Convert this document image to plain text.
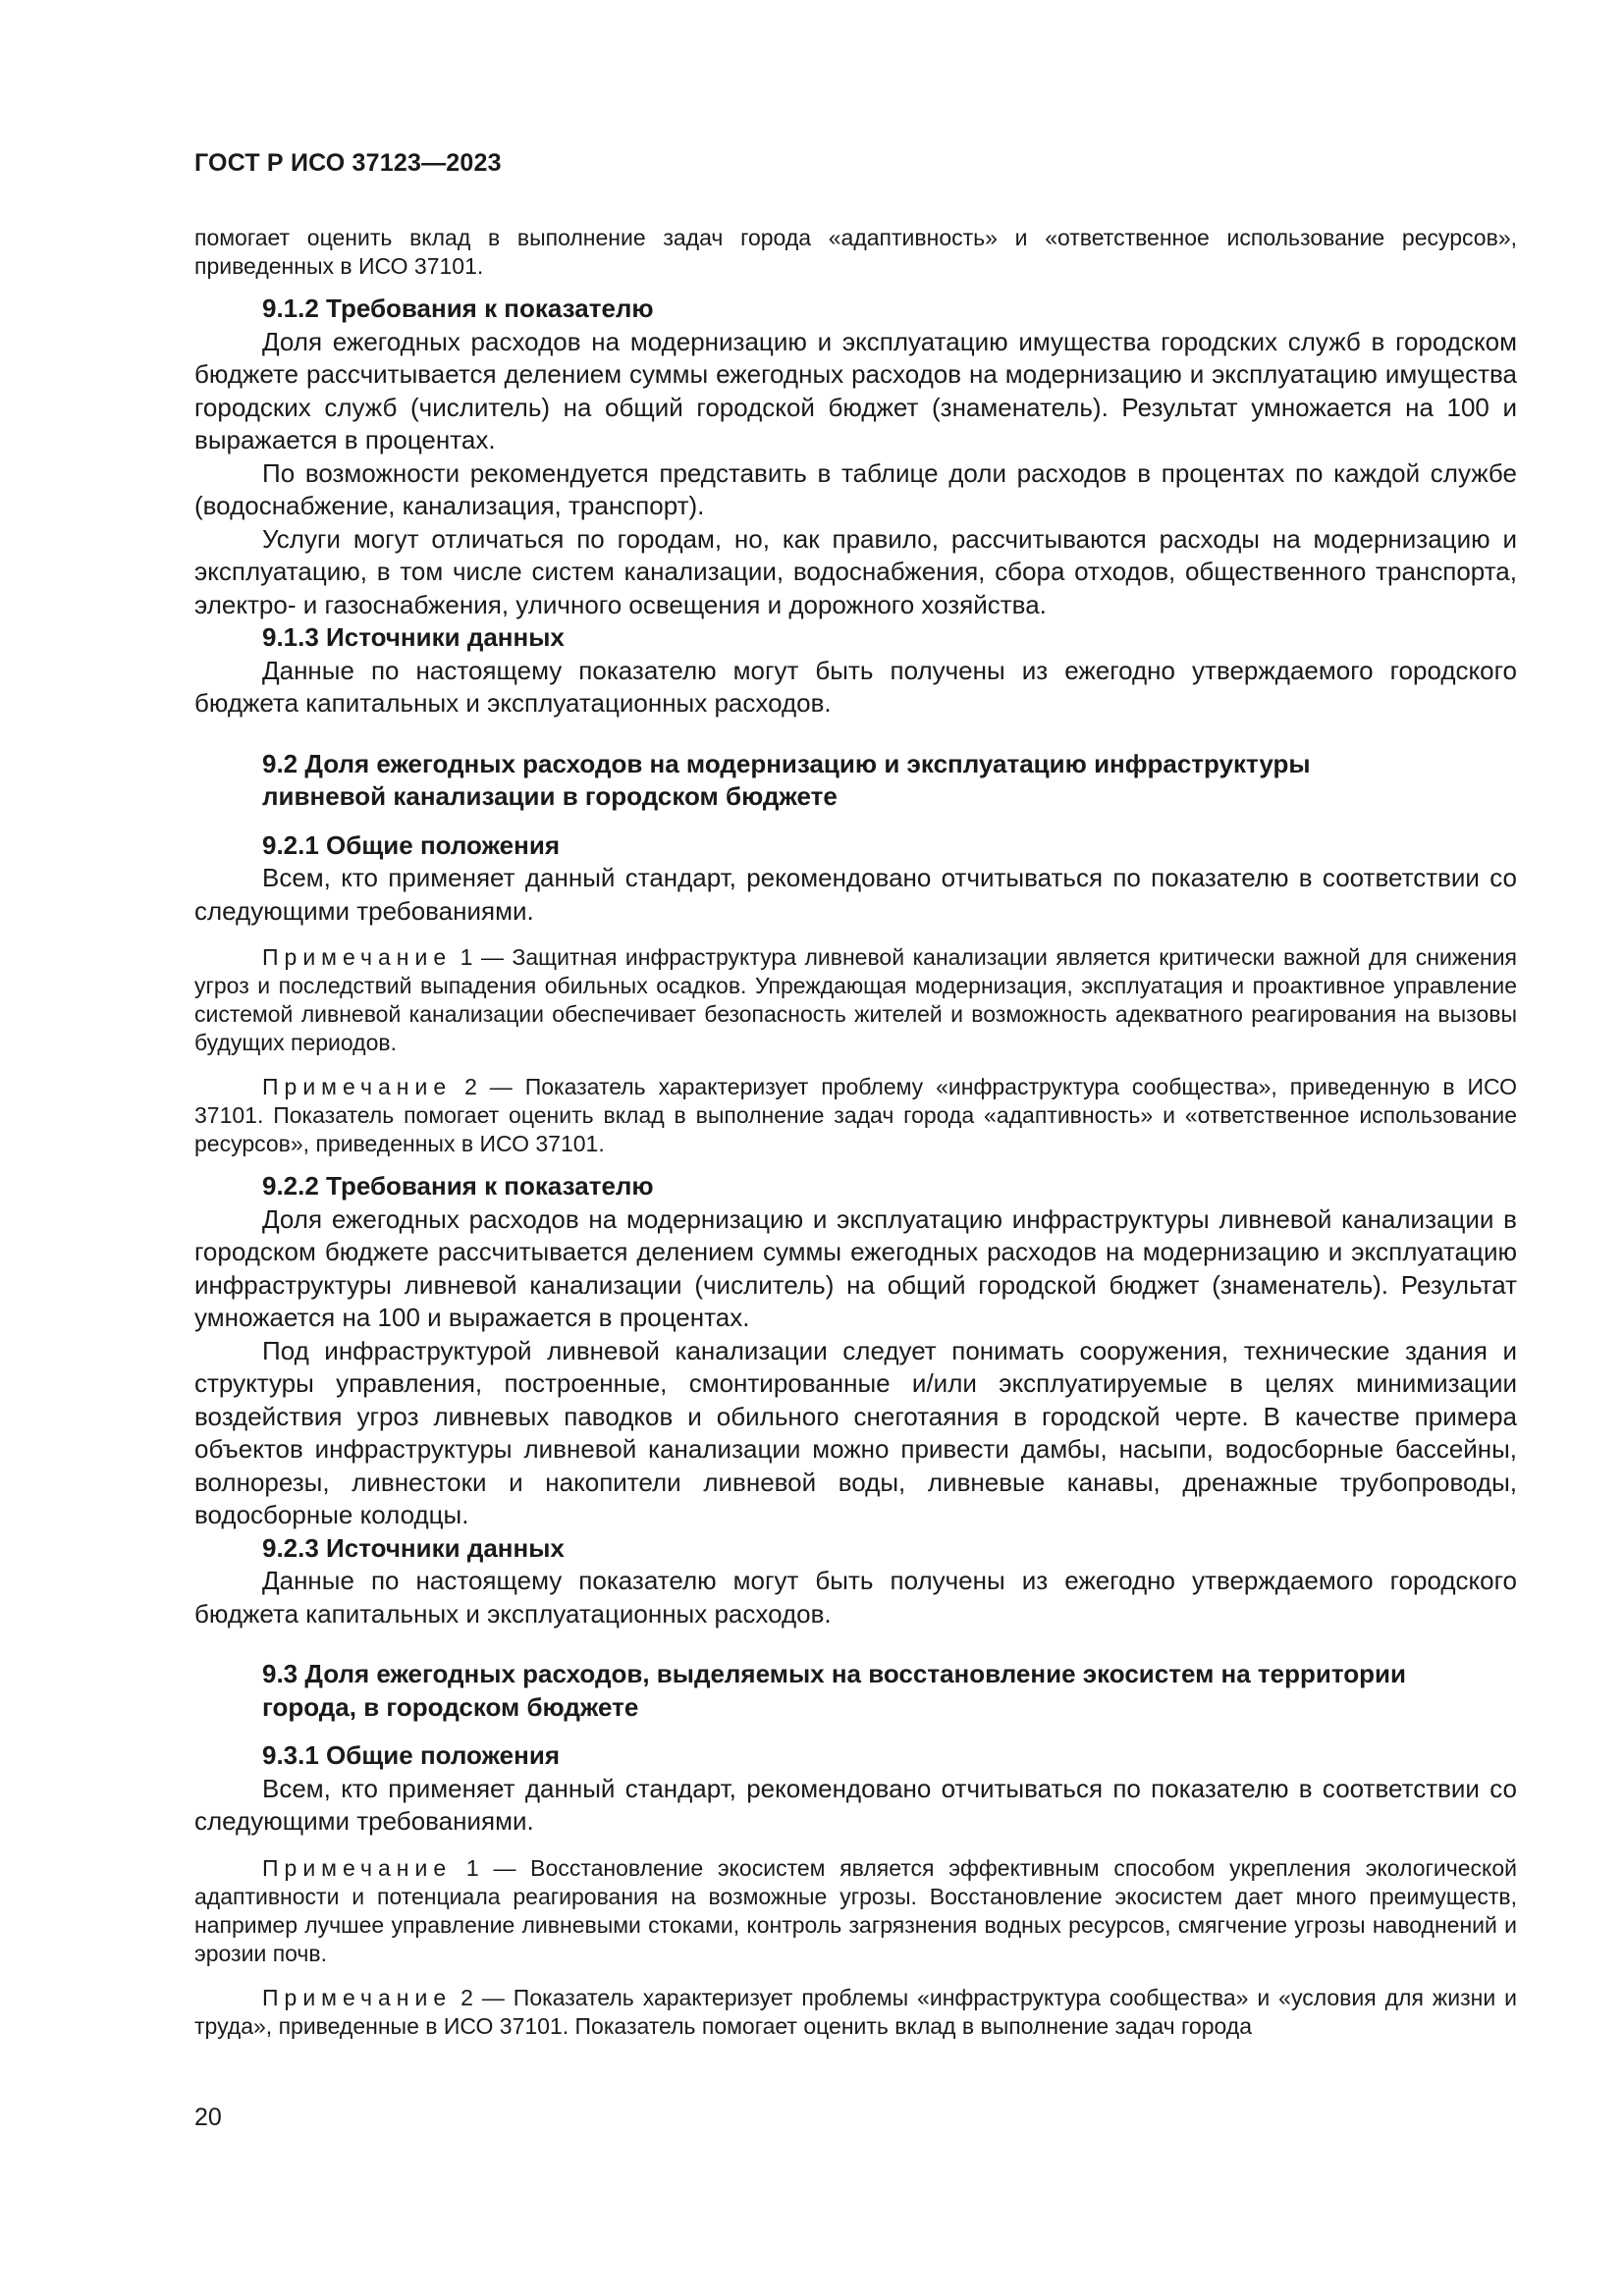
ГОСТ Р ИСО 37123—2023

помогает оценить вклад в выполнение задач города «адаптивность» и «ответственное использование ресурсов», приведенных в ИСО 37101.

9.1.2 Требования к показателю

Доля ежегодных расходов на модернизацию и эксплуатацию имущества городских служб в городском бюджете рассчитывается делением суммы ежегодных расходов на модернизацию и эксплуатацию имущества городских служб (числитель) на общий городской бюджет (знаменатель). Результат умножается на 100 и выражается в процентах.

По возможности рекомендуется представить в таблице доли расходов в процентах по каждой службе (водоснабжение, канализация, транспорт).

Услуги могут отличаться по городам, но, как правило, рассчитываются расходы на модернизацию и эксплуатацию, в том числе систем канализации, водоснабжения, сбора отходов, общественного транспорта, электро- и газоснабжения, уличного освещения и дорожного хозяйства.

9.1.3 Источники данных

Данные по настоящему показателю могут быть получены из ежегодно утверждаемого городского бюджета капитальных и эксплуатационных расходов.

9.2 Доля ежегодных расходов на модернизацию и эксплуатацию инфраструктуры
ливневой канализации в городском бюджете

9.2.1 Общие положения

Всем, кто применяет данный стандарт, рекомендовано отчитываться по показателю в соответствии со следующими требованиями.

Примечание 1 — Защитная инфраструктура ливневой канализации является критически важной для снижения угроз и последствий выпадения обильных осадков. Упреждающая модернизация, эксплуатация и проактивное управление системой ливневой канализации обеспечивает безопасность жителей и возможность адекватного реагирования на вызовы будущих периодов.

Примечание 2 — Показатель характеризует проблему «инфраструктура сообщества», приведенную в ИСО 37101. Показатель помогает оценить вклад в выполнение задач города «адаптивность» и «ответственное использование ресурсов», приведенных в ИСО 37101.

9.2.2 Требования к показателю

Доля ежегодных расходов на модернизацию и эксплуатацию инфраструктуры ливневой канализации в городском бюджете рассчитывается делением суммы ежегодных расходов на модернизацию и эксплуатацию инфраструктуры ливневой канализации (числитель) на общий городской бюджет (знаменатель). Результат умножается на 100 и выражается в процентах.

Под инфраструктурой ливневой канализации следует понимать сооружения, технические здания и структуры управления, построенные, смонтированные и/или эксплуатируемые в целях минимизации воздействия угроз ливневых паводков и обильного снеготаяния в городской черте. В качестве примера объектов инфраструктуры ливневой канализации можно привести дамбы, насыпи, водосборные бассейны, волнорезы, ливнестоки и накопители ливневой воды, ливневые канавы, дренажные трубопроводы, водосборные колодцы.

9.2.3 Источники данных

Данные по настоящему показателю могут быть получены из ежегодно утверждаемого городского бюджета капитальных и эксплуатационных расходов.

9.3 Доля ежегодных расходов, выделяемых на восстановление экосистем на территории
города, в городском бюджете

9.3.1 Общие положения

Всем, кто применяет данный стандарт, рекомендовано отчитываться по показателю в соответствии со следующими требованиями.

Примечание 1 — Восстановление экосистем является эффективным способом укрепления экологической адаптивности и потенциала реагирования на возможные угрозы. Восстановление экосистем дает много преимуществ, например лучшее управление ливневыми стоками, контроль загрязнения водных ресурсов, смягчение угрозы наводнений и эрозии почв.

Примечание 2 — Показатель характеризует проблемы «инфраструктура сообщества» и «условия для жизни и труда», приведенные в ИСО 37101. Показатель помогает оценить вклад в выполнение задач города

20
